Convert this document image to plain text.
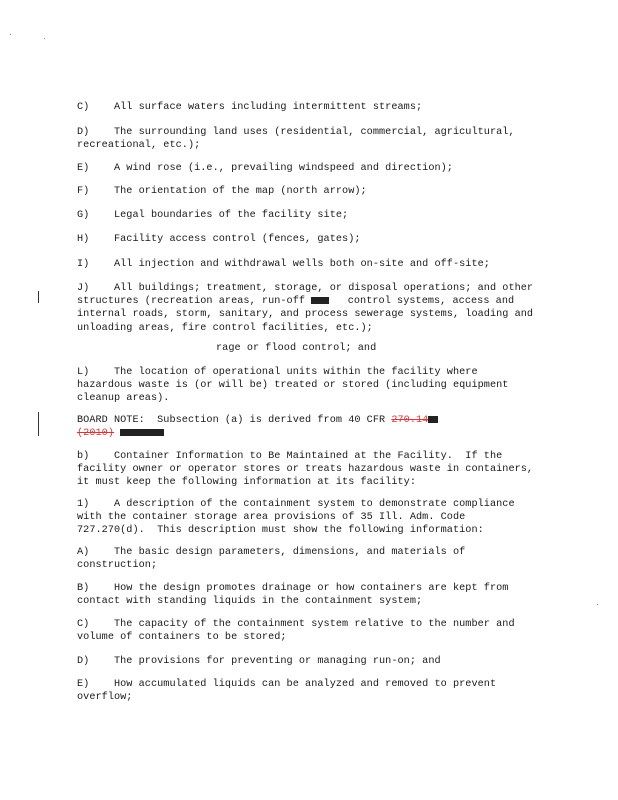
C)    All surface waters including intermittent streams;
D)    The surrounding land uses (residential, commercial, agricultural, recreational, etc.);
E)    A wind rose (i.e., prevailing windspeed and direction);
F)    The orientation of the map (north arrow);
G)    Legal boundaries of the facility site;
H)    Facility access control (fences, gates);
I)    All injection and withdrawal wells both on-site and off-site;
J)    All buildings; treatment, storage, or disposal operations; and other structures (recreation areas, run-off	control systems, access and internal roads, storm, sanitary, and process sewerage systems, loading and unloading areas, fire control facilities, etc.);
rage or flood control; and
L)    The location of operational units within the facility where hazardous waste is (or will be) treated or stored (including equipment cleanup areas).
BOARD NOTE:  Subsection (a) is derived from 40 CFR 270.14
(2010)
b)    Container Information to Be Maintained at the Facility.  If the facility owner or operator stores or treats hazardous waste in containers, it must keep the following information at its facility:
1)    A description of the containment system to demonstrate compliance with the container storage area provisions of 35 Ill. Adm. Code 727.270(d).  This description must show the following information:
A)    The basic design parameters, dimensions, and materials of construction;
B)    How the design promotes drainage or how containers are kept from contact with standing liquids in the containment system;
C)    The capacity of the containment system relative to the number and volume of containers to be stored;
D)    The provisions for preventing or managing run-on; and
E)    How accumulated liquids can be analyzed and removed to prevent overflow;
